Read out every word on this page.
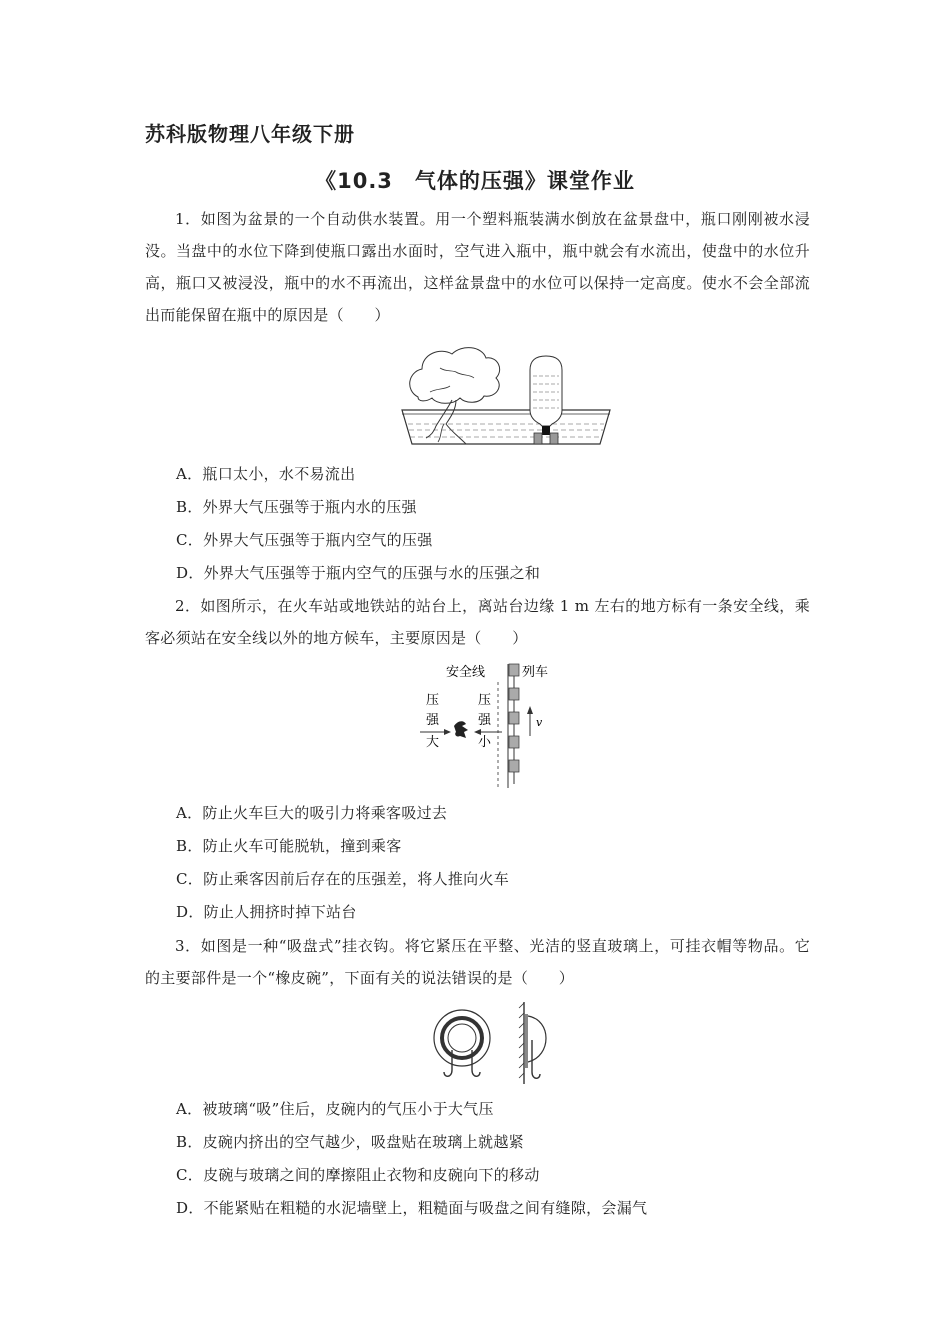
苏科版物理八年级下册
《10.3　气体的压强》课堂作业
1．如图为盆景的一个自动供水装置。用一个塑料瓶装满水倒放在盆景盘中，瓶口刚刚被水浸没。当盘中的水位下降到使瓶口露出水面时，空气进入瓶中，瓶中就会有水流出，使盘中的水位升高，瓶口又被浸没，瓶中的水不再流出，这样盆景盘中的水位可以保持一定高度。使水不会全部流出而能保留在瓶中的原因是（　　）
A．瓶口太小，水不易流出
B．外界大气压强等于瓶内水的压强
C．外界大气压强等于瓶内空气的压强
D．外界大气压强等于瓶内空气的压强与水的压强之和
2．如图所示，在火车站或地铁站的站台上，离站台边缘 1 m 左右的地方标有一条安全线，乘客必须站在安全线以外的地方候车，主要原因是（　　）
安全线	列车
v
压
强
大
压
强
小
A．防止火车巨大的吸引力将乘客吸过去
B．防止火车可能脱轨，撞到乘客
C．防止乘客因前后存在的压强差，将人推向火车
D．防止人拥挤时掉下站台
3．如图是一种“吸盘式”挂衣钩。将它紧压在平整、光洁的竖直玻璃上，可挂衣帽等物品。它的主要部件是一个“橡皮碗”，下面有关的说法错误的是（　　）
A．被玻璃“吸”住后，皮碗内的气压小于大气压
B．皮碗内挤出的空气越少，吸盘贴在玻璃上就越紧
C．皮碗与玻璃之间的摩擦阻止衣物和皮碗向下的移动
D．不能紧贴在粗糙的水泥墙壁上，粗糙面与吸盘之间有缝隙，会漏气
